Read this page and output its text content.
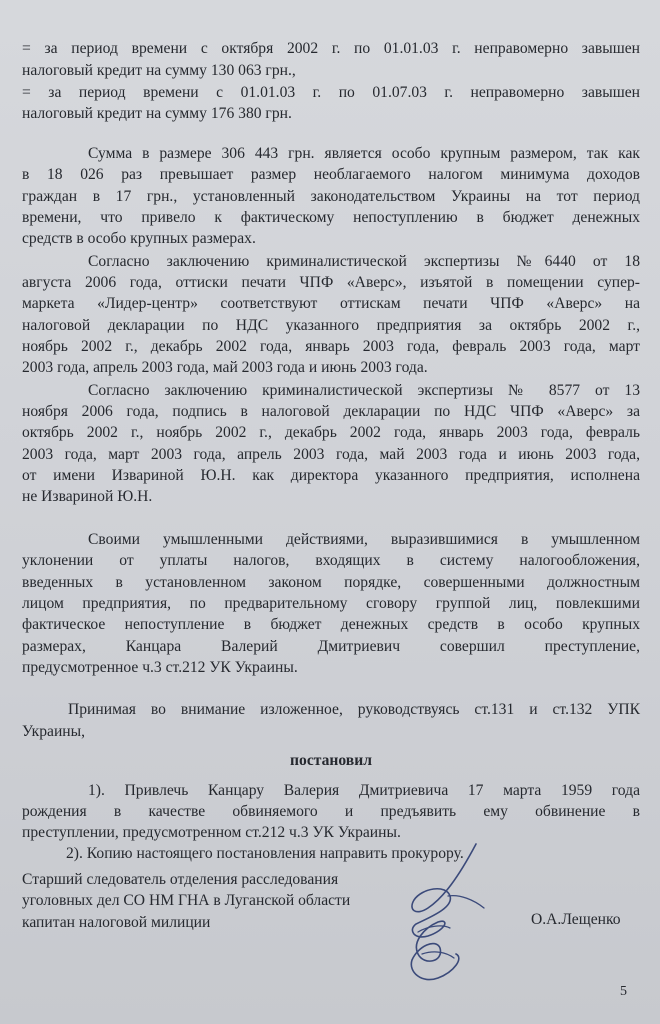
= за период времени с октября 2002 г. по 01.01.03 г. неправомерно завышен
налоговый кредит на сумму 130 063 грн.,
= за период времени с 01.01.03 г. по 01.07.03 г. неправомерно завышен
налоговый кредит на сумму 176 380 грн.
Сумма в размере 306 443 грн. является особо крупным размером, так как
в 18 026 раз превышает размер необлагаемого налогом минимума доходов
граждан в 17 грн., установленный законодательством Украины на тот период
времени, что привело к фактическому непоступлению в бюджет денежных
средств в особо крупных размерах.
Согласно заключению криминалистической экспертизы №6440 от 18
августа 2006 года, оттиски печати ЧПФ «Аверс», изъятой в помещении супер-
маркета «Лидер-центр» соответствуют оттискам печати ЧПФ «Аверс» на
налоговой декларации по НДС указанного предприятия за октябрь 2002 г.,
ноябрь 2002 г., декабрь 2002 года, январь 2003 года, февраль 2003 года, март
2003 года, апрель 2003 года, май 2003 года и июнь 2003 года.
Согласно заключению криминалистической экспертизы № 8577 от 13
ноября 2006 года, подпись в налоговой декларации по НДС ЧПФ «Аверс» за
октябрь 2002 г., ноябрь 2002 г., декабрь 2002 года, январь 2003 года, февраль
2003 года, март 2003 года, апрель 2003 года, май 2003 года и июнь 2003 года,
от имени Извариной Ю.Н. как директора указанного предприятия, исполнена
не Извариной Ю.Н.
Своими умышленными действиями, выразившимися в умышленном
уклонении от уплаты налогов, входящих в систему налогообложения,
введенных в установленном законом порядке, совершенными должностным
лицом предприятия, по предварительному сговору группой лиц, повлекшими
фактическое непоступление в бюджет денежных средств в особо крупных
размерах, Канцара Валерий Дмитриевич совершил преступление,
предусмотренное ч.3 ст.212 УК Украины.
Принимая во внимание изложенное, руководствуясь ст.131 и ст.132 УПК
Украины,
постановил
1). Привлечь Канцару Валерия Дмитриевича 17 марта 1959 года
рождения в качестве обвиняемого и предъявить ему обвинение в
преступлении, предусмотренном ст.212 ч.3 УК Украины.
2). Копию настоящего постановления направить прокурору.
Старший следователь отделения расследования
уголовных дел СО НМ ГНА в Луганской области
капитан налоговой милиции	О.А.Лещенко
5
